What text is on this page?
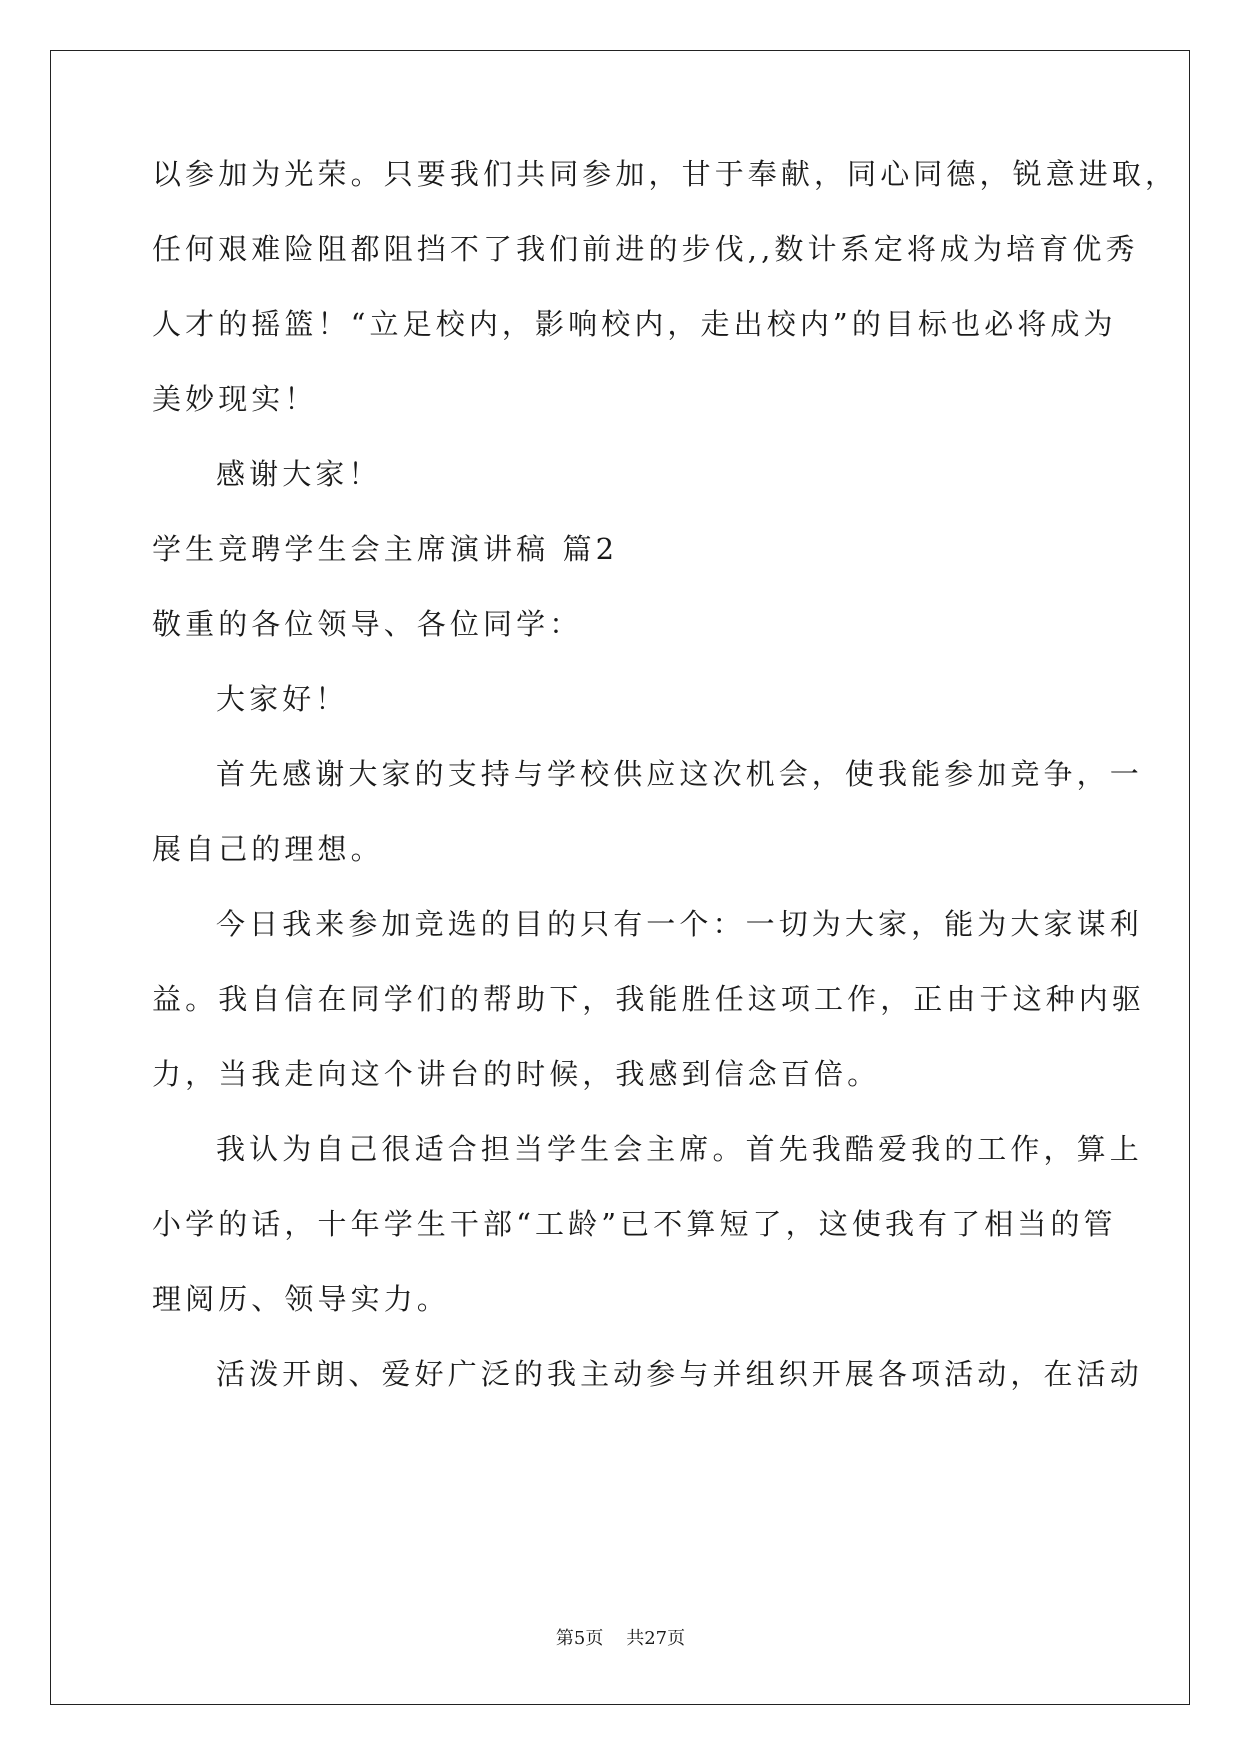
以参加为光荣。只要我们共同参加，甘于奉献，同心同德，锐意进取，
任何艰难险阻都阻挡不了我们前进的步伐,,数计系定将成为培育优秀
人才的摇篮！“立足校内，影响校内，走出校内”的目标也必将成为
美妙现实！
感谢大家！
学生竞聘学生会主席演讲稿 篇2
敬重的各位领导、各位同学：
大家好！
首先感谢大家的支持与学校供应这次机会，使我能参加竞争，一
展自己的理想。
今日我来参加竞选的目的只有一个：一切为大家，能为大家谋利
益。我自信在同学们的帮助下，我能胜任这项工作，正由于这种内驱
力，当我走向这个讲台的时候，我感到信念百倍。
我认为自己很适合担当学生会主席。首先我酷爱我的工作，算上
小学的话，十年学生干部“工龄”已不算短了，这使我有了相当的管
理阅历、领导实力。
活泼开朗、爱好广泛的我主动参与并组织开展各项活动，在活动
第5页 共27页
